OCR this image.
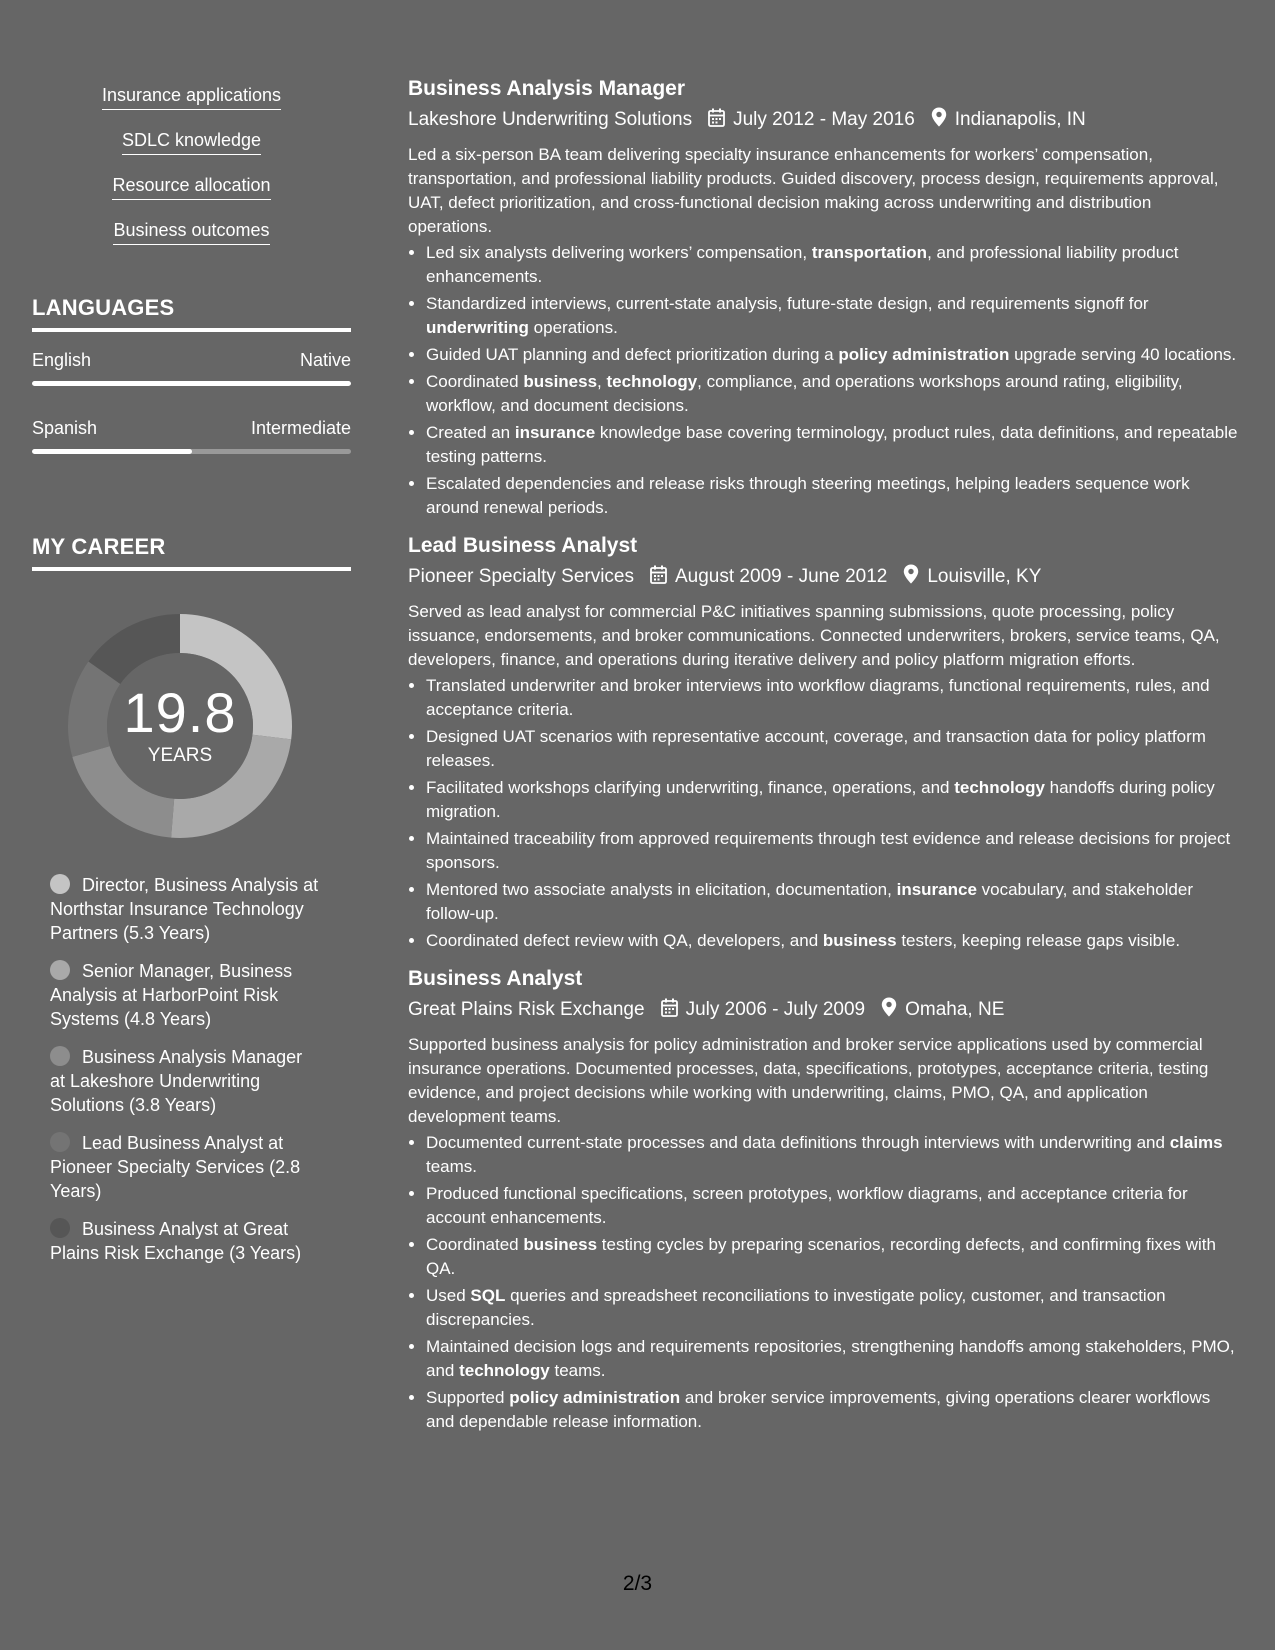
Insurance applications
SDLC knowledge
Resource allocation
Business outcomes
LANGUAGES
English	Native
Spanish	Intermediate
MY CAREER
19.8
YEARS
Director, Business Analysis at Northstar Insurance Technology Partners (5.3 Years)
Senior Manager, Business Analysis at HarborPoint Risk Systems (4.8 Years)
Business Analysis Manager at Lakeshore Underwriting Solutions (3.8 Years)
Lead Business Analyst at Pioneer Specialty Services (2.8 Years)
Business Analyst at Great Plains Risk Exchange (3 Years)
Business Analysis Manager
Lakeshore Underwriting Solutions July 2012 - May 2016 Indianapolis, IN

Led a six-person BA team delivering specialty insurance enhancements for workers’ compensation, transportation, and professional liability products. Guided discovery, process design, requirements approval, UAT, defect prioritization, and cross-functional decision making across underwriting and distribution operations.

• Led six analysts delivering workers’ compensation, transportation, and professional liability product enhancements.
• Standardized interviews, current-state analysis, future-state design, and requirements signoff for underwriting operations.
• Guided UAT planning and defect prioritization during a policy administration upgrade serving 40 locations.
• Coordinated business, technology, compliance, and operations workshops around rating, eligibility, workflow, and document decisions.
• Created an insurance knowledge base covering terminology, product rules, data definitions, and repeatable testing patterns.
• Escalated dependencies and release risks through steering meetings, helping leaders sequence work around renewal periods.
Lead Business Analyst
Pioneer Specialty Services August 2009 - June 2012 Louisville, KY

Served as lead analyst for commercial P&C initiatives spanning submissions, quote processing, policy issuance, endorsements, and broker communications. Connected underwriters, brokers, service teams, QA, developers, finance, and operations during iterative delivery and policy platform migration efforts.

• Translated underwriter and broker interviews into workflow diagrams, functional requirements, rules, and acceptance criteria.
• Designed UAT scenarios with representative account, coverage, and transaction data for policy platform releases.
• Facilitated workshops clarifying underwriting, finance, operations, and technology handoffs during policy migration.
• Maintained traceability from approved requirements through test evidence and release decisions for project sponsors.
• Mentored two associate analysts in elicitation, documentation, insurance vocabulary, and stakeholder follow-up.
• Coordinated defect review with QA, developers, and business testers, keeping release gaps visible.
Business Analyst
Great Plains Risk Exchange July 2006 - July 2009 Omaha, NE

Supported business analysis for policy administration and broker service applications used by commercial insurance operations. Documented processes, data, specifications, prototypes, acceptance criteria, testing evidence, and project decisions while working with underwriting, claims, PMO, QA, and application development teams.

• Documented current-state processes and data definitions through interviews with underwriting and claims teams.
• Produced functional specifications, screen prototypes, workflow diagrams, and acceptance criteria for account enhancements.
• Coordinated business testing cycles by preparing scenarios, recording defects, and confirming fixes with QA.
• Used SQL queries and spreadsheet reconciliations to investigate policy, customer, and transaction discrepancies.
• Maintained decision logs and requirements repositories, strengthening handoffs among stakeholders, PMO, and technology teams.
• Supported policy administration and broker service improvements, giving operations clearer workflows and dependable release information.
2/3
